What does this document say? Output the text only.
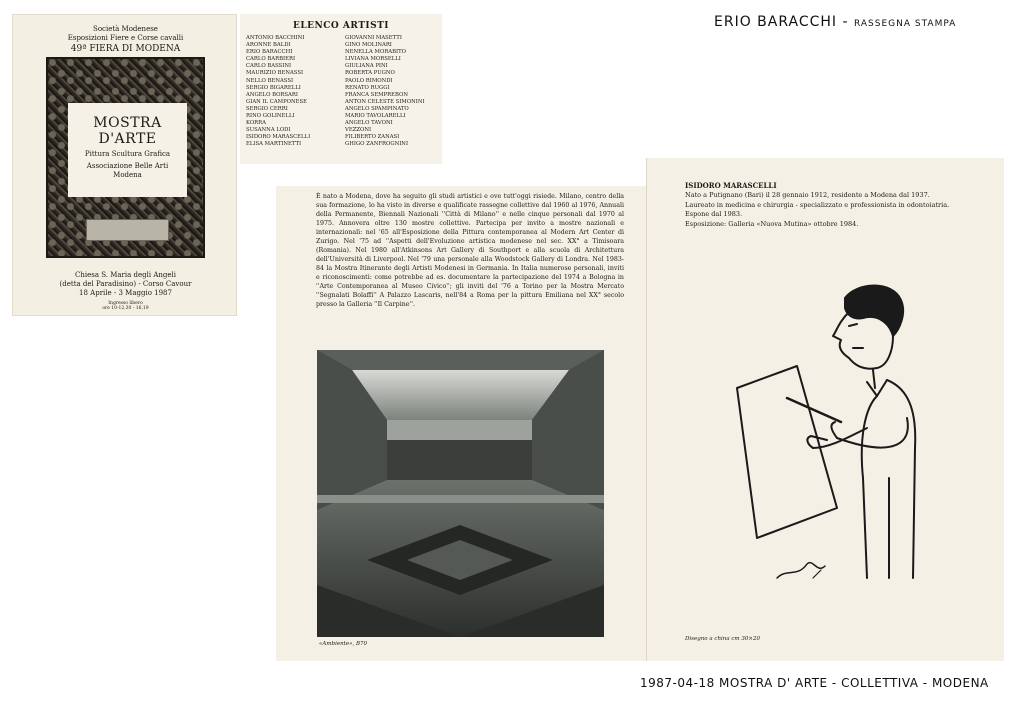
ERIO BARACCHI - RASSEGNA STAMPA
Società Modenese
Esposizioni Fiere e Corse cavalli
49ª FIERA DI MODENA
MOSTRA
D'ARTE
Pittura Scultura Grafica
Associazione Belle Arti
Modena
Chiesa S. Maria degli Angeli
(detta del Paradisino) - Corso Cavour
18 Aprile - 3 Maggio 1987
Ingresso libero
ore 10-12,30 - 16,19
ELENCO ARTISTI
ANTONIO BACCHINI
ARONNE BALDI
ERIO BARACCHI
CARLO BARBIERI
CARLO BASSINI
MAURIZIO BENASSI
NELLO BENASSI
SERGIO BIGARELLI
ANGELO BORSARI
GIAN IL CAMPONESE
SERGIO CERRI
RINO GOLINELLI
KORRA
SUSANNA LODI
ISIDORO MARASCELLI
ELISA MARTINETTI
GIOVANNI MASETTI
GINO MOLINARI
NENELLA MORABITO
LIVIANA MORSELLI
GIULIANA PINI
ROBERTA PUGNO
PAOLO RIMONDI
RENATO RUGGI
FRANCA SEMPREBON
ANTON CELESTE SIMONINI
ANGELO SPAMPINATO
MARIO TAVOLARELLI
ANGELO TAVONI
VEZZONI
FILIBERTO ZANASI
GHIGO ZANFROGNINI

È nato a Modena, dove ha seguito gli studi artistici e ove tutt'oggi risiede. Milano, centro della sua formazione, lo ha visto in diverse e qualificate rassegne collettive dal 1960 al 1976, Annuali della Permanente, Biennali Nazionali ''Città di Milano'' e nelle cinque personali dal 1970 al 1975. Annovera oltre 130 mostre collettive. Partecipa per invito a mostre nazionali e internazionali: nel '65 all'Esposizione della Pittura contemporanea al Modern Art Center di Zurigo. Nel '75 ad ''Aspetti dell'Evoluzione artistica modenese nel sec. XX° a Timisoara (Romania). Nel 1980 all'Atkinsons Art Gallery di Southport e alla scuola di Architettura dell'Università di Liverpool. Nel '79 una personale alla Woodstock Gallery di Londra. Nel 1983-84 la Mostra Itinerante degli Artisti Modenesi in Germania. In Italia numerose personali, inviti e riconoscimenti: come potrebbe ad es. documentare la partecipazione del 1974 a Bologna in ''Arte Contemporanea al Museo Civico''; gli inviti del '76 a Torino per la Mostra Mercato ''Segnalati Bolaffi'' A Palazzo Lascaris, nell'84 a Roma per la pittura Emiliana nel XX° secolo presso la Galleria ''Il Carpine''.

«Ambiente», B70
ISIDORO MARASCELLI
Nato a Putignano (Bari) il 28 gennaio 1912, residente a Modena dal 1937.
Laureato in medicina e chirurgia - specializzato e professionista in odontoiatria.
Espone dal 1983.
Esposizione: Galleria «Nuova Mutina» ottobre 1984.
Disegno a china cm 30×20
1987-04-18 MOSTRA D' ARTE - COLLETTIVA - MODENA
